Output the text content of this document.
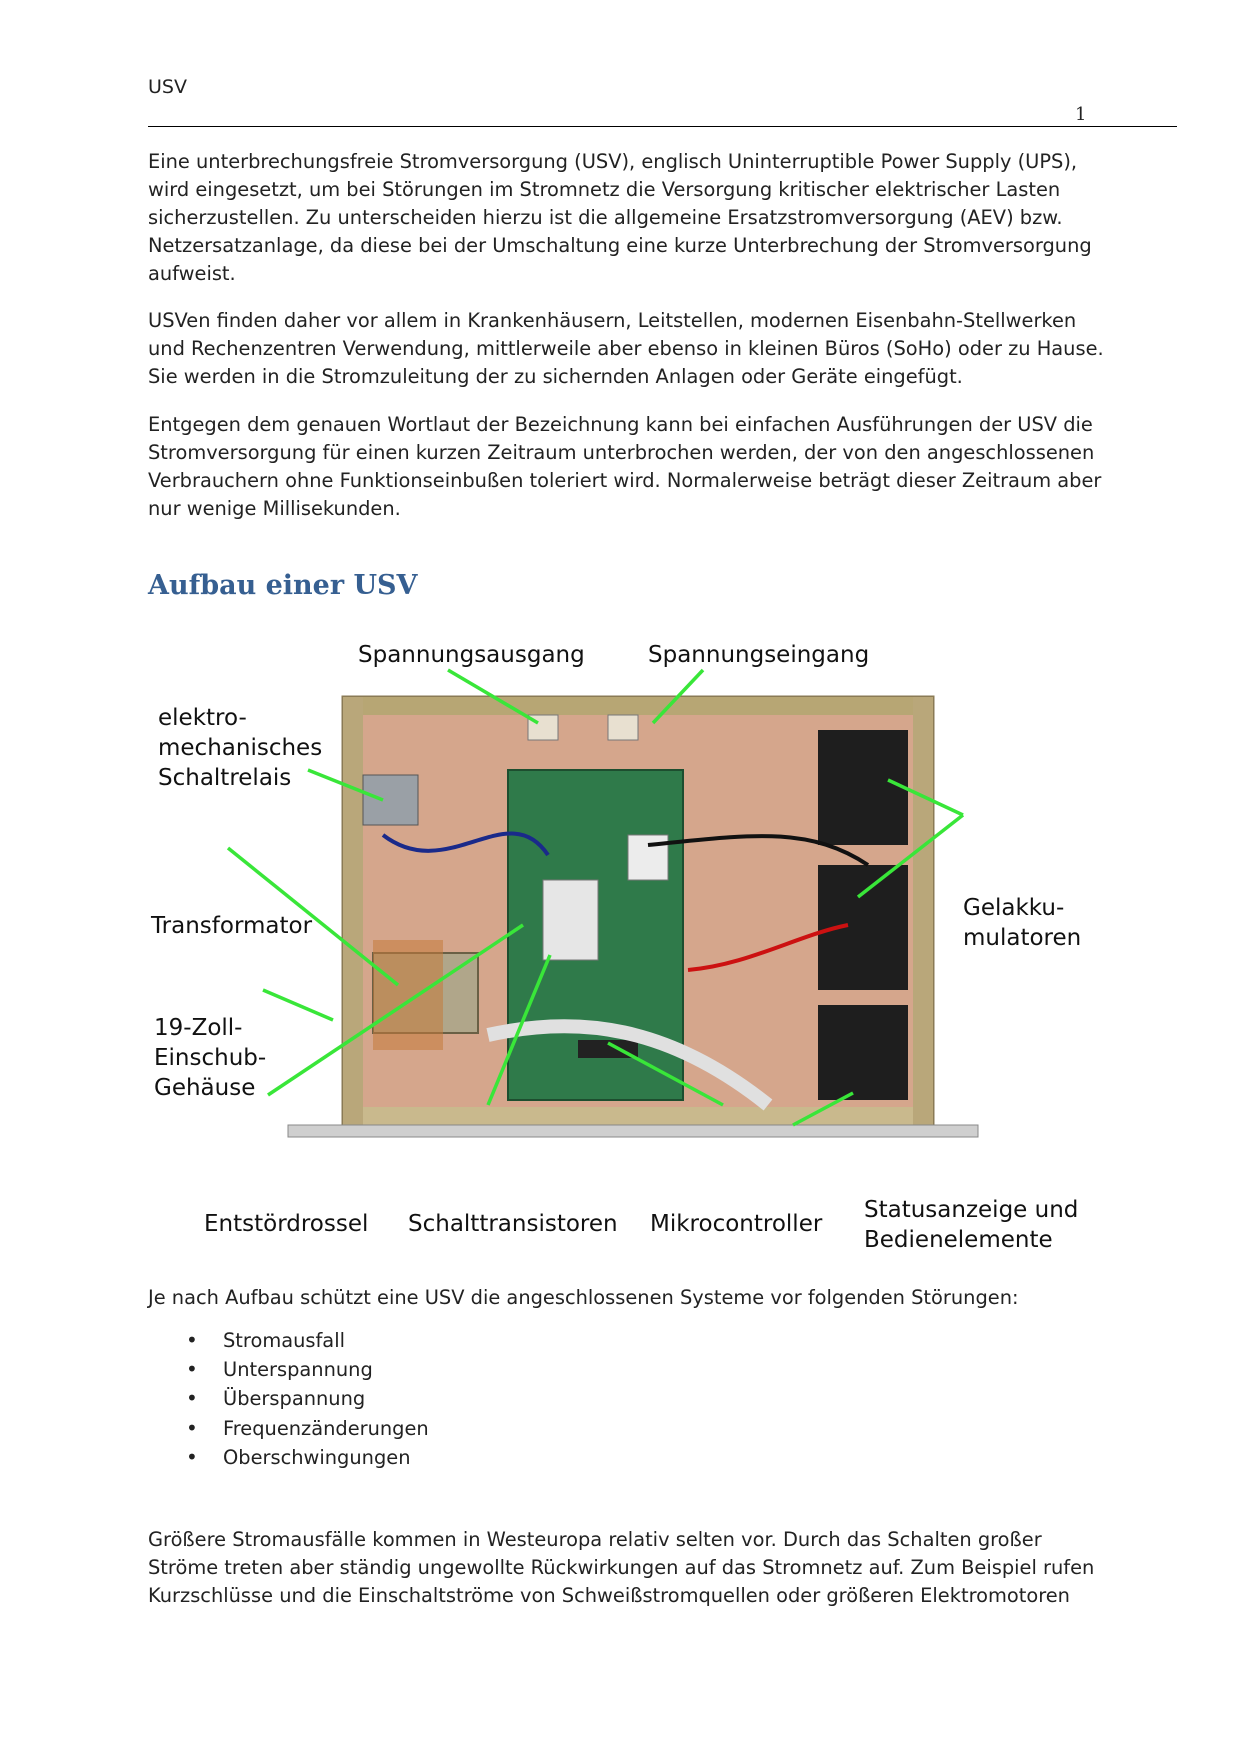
USV
1

Eine unterbrechungsfreie Stromversorgung (USV), englisch Uninterruptible Power Supply (UPS), wird eingesetzt, um bei Störungen im Stromnetz die Versorgung kritischer elektrischer Lasten sicherzustellen. Zu unterscheiden hierzu ist die allgemeine Ersatzstromversorgung (AEV) bzw. Netzersatzanlage, da diese bei der Umschaltung eine kurze Unterbrechung der Stromversorgung aufweist.

USVen finden daher vor allem in Krankenhäusern, Leitstellen, modernen Eisenbahn-Stellwerken und Rechenzentren Verwendung, mittlerweile aber ebenso in kleinen Büros (SoHo) oder zu Hause. Sie werden in die Stromzuleitung der zu sichernden Anlagen oder Geräte eingefügt.

Entgegen dem genauen Wortlaut der Bezeichnung kann bei einfachen Ausführungen der USV die Stromversorgung für einen kurzen Zeitraum unterbrochen werden, der von den angeschlossenen Verbrauchern ohne Funktionseinbußen toleriert wird. Normalerweise beträgt dieser Zeitraum aber nur wenige Millisekunden.

Aufbau einer USV
Spannungsausgang	Spannungseingang
elektro-
mechanisches
Schaltrelais
Transformator
19-Zoll-
Einschub-
Gehäuse
Gelakku-
mulatoren
Entstördrossel Schalttransistoren Mikrocontroller
Statusanzeige und
Bedienelemente

Je nach Aufbau schützt eine USV die angeschlossenen Systeme vor folgenden Störungen:

• Stromausfall
• Unterspannung
• Überspannung
• Frequenzänderungen
• Oberschwingungen

Größere Stromausfälle kommen in Westeuropa relativ selten vor. Durch das Schalten großer Ströme treten aber ständig ungewollte Rückwirkungen auf das Stromnetz auf. Zum Beispiel rufen Kurzschlüsse und die Einschaltströme von Schweißstromquellen oder größeren Elektromotoren
